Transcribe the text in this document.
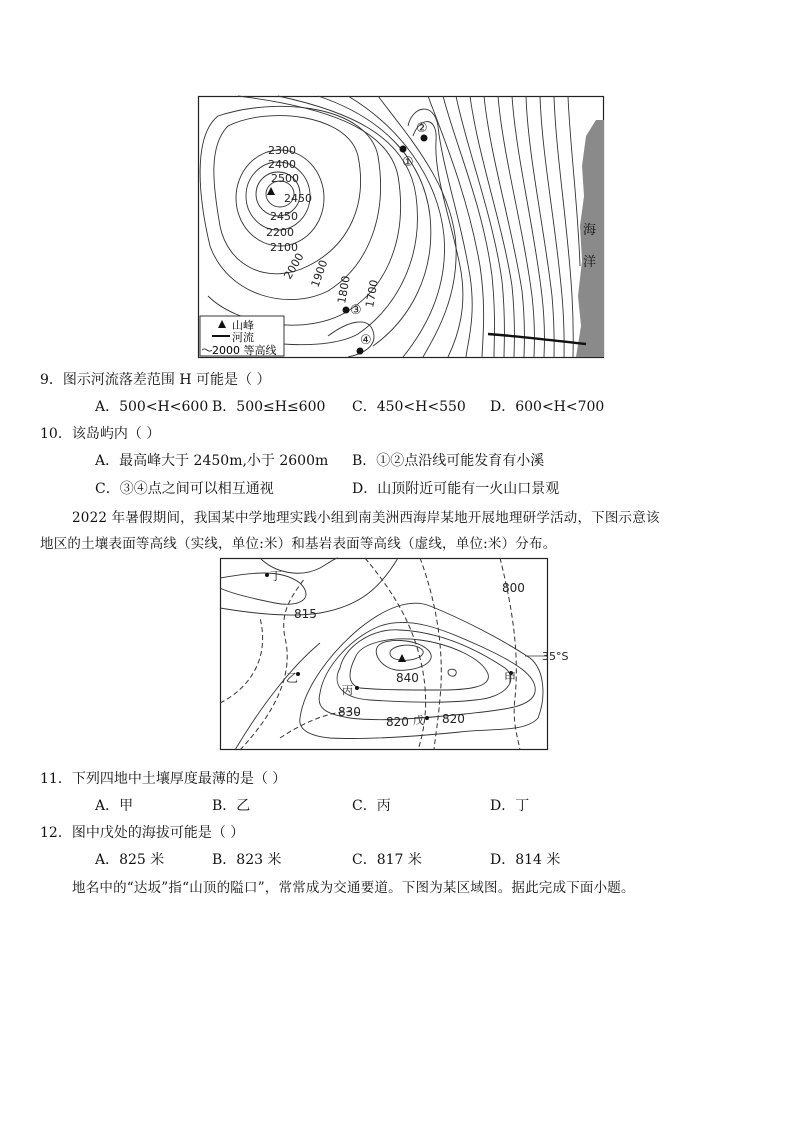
2300
2400
2500
2450
2450
2200
2100
2000 1900
1800 1700
②
①
③
④
海
洋
山峰
河流
2000 等高线
9．图示河流落差范围 H 可能是（ ）
A．500<H<600 B．500≤H≤600 C．450<H<550 D．600<H<700
10．该岛屿内（ ）
A．最高峰大于 2450m,小于 2600m B．①②点沿线可能发育有小溪
C．③④点之间可以相互通视	D．山顶附近可能有一火山口景观
2022 年暑假期间，我国某中学地理实践小组到南美洲西海岸某地开展地理研学活动，下图示意该
地区的土壤表面等高线（实线，单位:米）和基岩表面等高线（虚线，单位:米）分布。
800
815
840
830
820	820
35°S
甲
乙
丙
丁
戊
11．下列四地中土壤厚度最薄的是（ ）
A．甲	B．乙	C．丙	D．丁
12．图中戊处的海拔可能是（ ）
A．825 米	B．823 米	C．817 米	D．814 米
地名中的“达坂”指“山顶的隘口”，常常成为交通要道。下图为某区域图。据此完成下面小题。
